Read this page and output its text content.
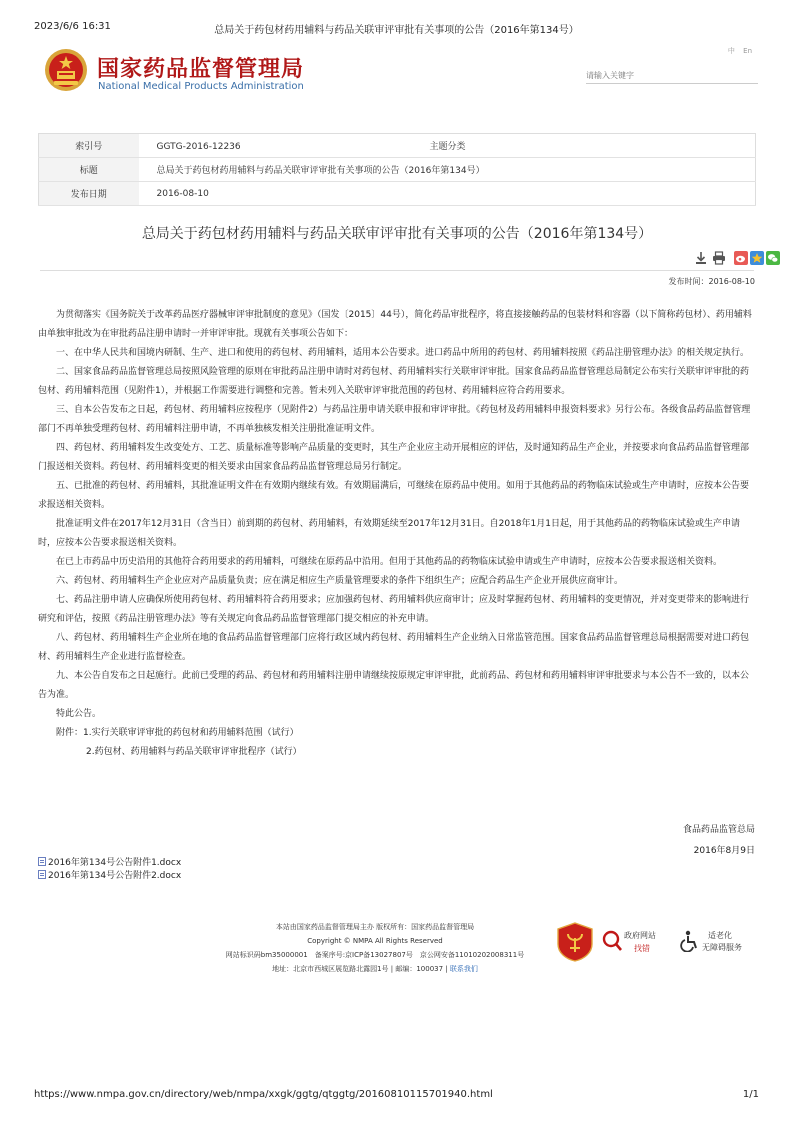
2023/6/6 16:31	总局关于药包材药用辅料与药品关联审评审批有关事项的公告（2016年第134号）
国家药品监督管理局
National Medical Products Administration
中 En
请输入关键字
索引号	GGTG-2016-12236 主题分类
标题	总局关于药包材药用辅料与药品关联审评审批有关事项的公告（2016年第134号）
发布日期	2016-08-10
总局关于药包材药用辅料与药品关联审评审批有关事项的公告（2016年第134号）
发布时间：2016-08-10

为贯彻落实《国务院关于改革药品医疗器械审评审批制度的意见》（国发〔2015〕44号），简化药品审批程序，将直接接触药品的包装材料和容器（以下简称药包材）、药用辅料由单独审批改为在审批药品注册申请时一并审评审批。现就有关事项公告如下：

一、在中华人民共和国境内研制、生产、进口和使用的药包材、药用辅料，适用本公告要求。进口药品中所用的药包材、药用辅料按照《药品注册管理办法》的相关规定执行。

二、国家食品药品监督管理总局按照风险管理的原则在审批药品注册申请时对药包材、药用辅料实行关联审评审批。国家食品药品监督管理总局制定公布实行关联审评审批的药包材、药用辅料范围（见附件1），并根据工作需要进行调整和完善。暂未列入关联审评审批范围的药包材、药用辅料应符合药用要求。

三、自本公告发布之日起，药包材、药用辅料应按程序（见附件2）与药品注册申请关联申报和审评审批。《药包材及药用辅料申报资料要求》另行公布。各级食品药品监督管理部门不再单独受理药包材、药用辅料注册申请，不再单独核发相关注册批准证明文件。

四、药包材、药用辅料发生改变处方、工艺、质量标准等影响产品质量的变更时，其生产企业应主动开展相应的评估，及时通知药品生产企业，并按要求向食品药品监督管理部门报送相关资料。药包材、药用辅料变更的相关要求由国家食品药品监督管理总局另行制定。

五、已批准的药包材、药用辅料，其批准证明文件在有效期内继续有效。有效期届满后，可继续在原药品中使用。如用于其他药品的药物临床试验或生产申请时，应按本公告要求报送相关资料。

批准证明文件在2017年12月31日（含当日）前到期的药包材、药用辅料，有效期延续至2017年12月31日。自2018年1月1日起，用于其他药品的药物临床试验或生产申请时，应按本公告要求报送相关资料。

在已上市药品中历史沿用的其他符合药用要求的药用辅料，可继续在原药品中沿用。但用于其他药品的药物临床试验申请或生产申请时，应按本公告要求报送相关资料。

六、药包材、药用辅料生产企业应对产品质量负责；应在满足相应生产质量管理要求的条件下组织生产；应配合药品生产企业开展供应商审计。

七、药品注册申请人应确保所使用药包材、药用辅料符合药用要求；应加强药包材、药用辅料供应商审计；应及时掌握药包材、药用辅料的变更情况，并对变更带来的影响进行研究和评估，按照《药品注册管理办法》等有关规定向食品药品监督管理部门提交相应的补充申请。

八、药包材、药用辅料生产企业所在地的食品药品监督管理部门应将行政区域内药包材、药用辅料生产企业纳入日常监管范围。国家食品药品监督管理总局根据需要对进口药包材、药用辅料生产企业进行监督检查。

九、本公告自发布之日起施行。此前已受理的药品、药包材和药用辅料注册申请继续按原规定审评审批，此前药品、药包材和药用辅料审评审批要求与本公告不一致的，以本公告为准。

特此公告。

附件：1.实行关联审评审批的药包材和药用辅料范围（试行）

2.药包材、药用辅料与药品关联审评审批程序（试行）

食品药品监管总局
2016年8月9日
2016年第134号公告附件1.docx
2016年第134号公告附件2.docx
本站由国家药品监督管理局主办 版权所有：国家药品监督管理局
Copyright © NMPA All Rights Reserved
网站标识码bm35000001　备案序号:京ICP备13027807号　京公网安备11010202008311号
地址：北京市西城区展览路北露园1号 | 邮编：100037 | 联系我们
政府网站
找错
适老化
无障碍服务
https://www.nmpa.gov.cn/directory/web/nmpa/xxgk/ggtg/qtggtg/20160810115701940.html	1/1
